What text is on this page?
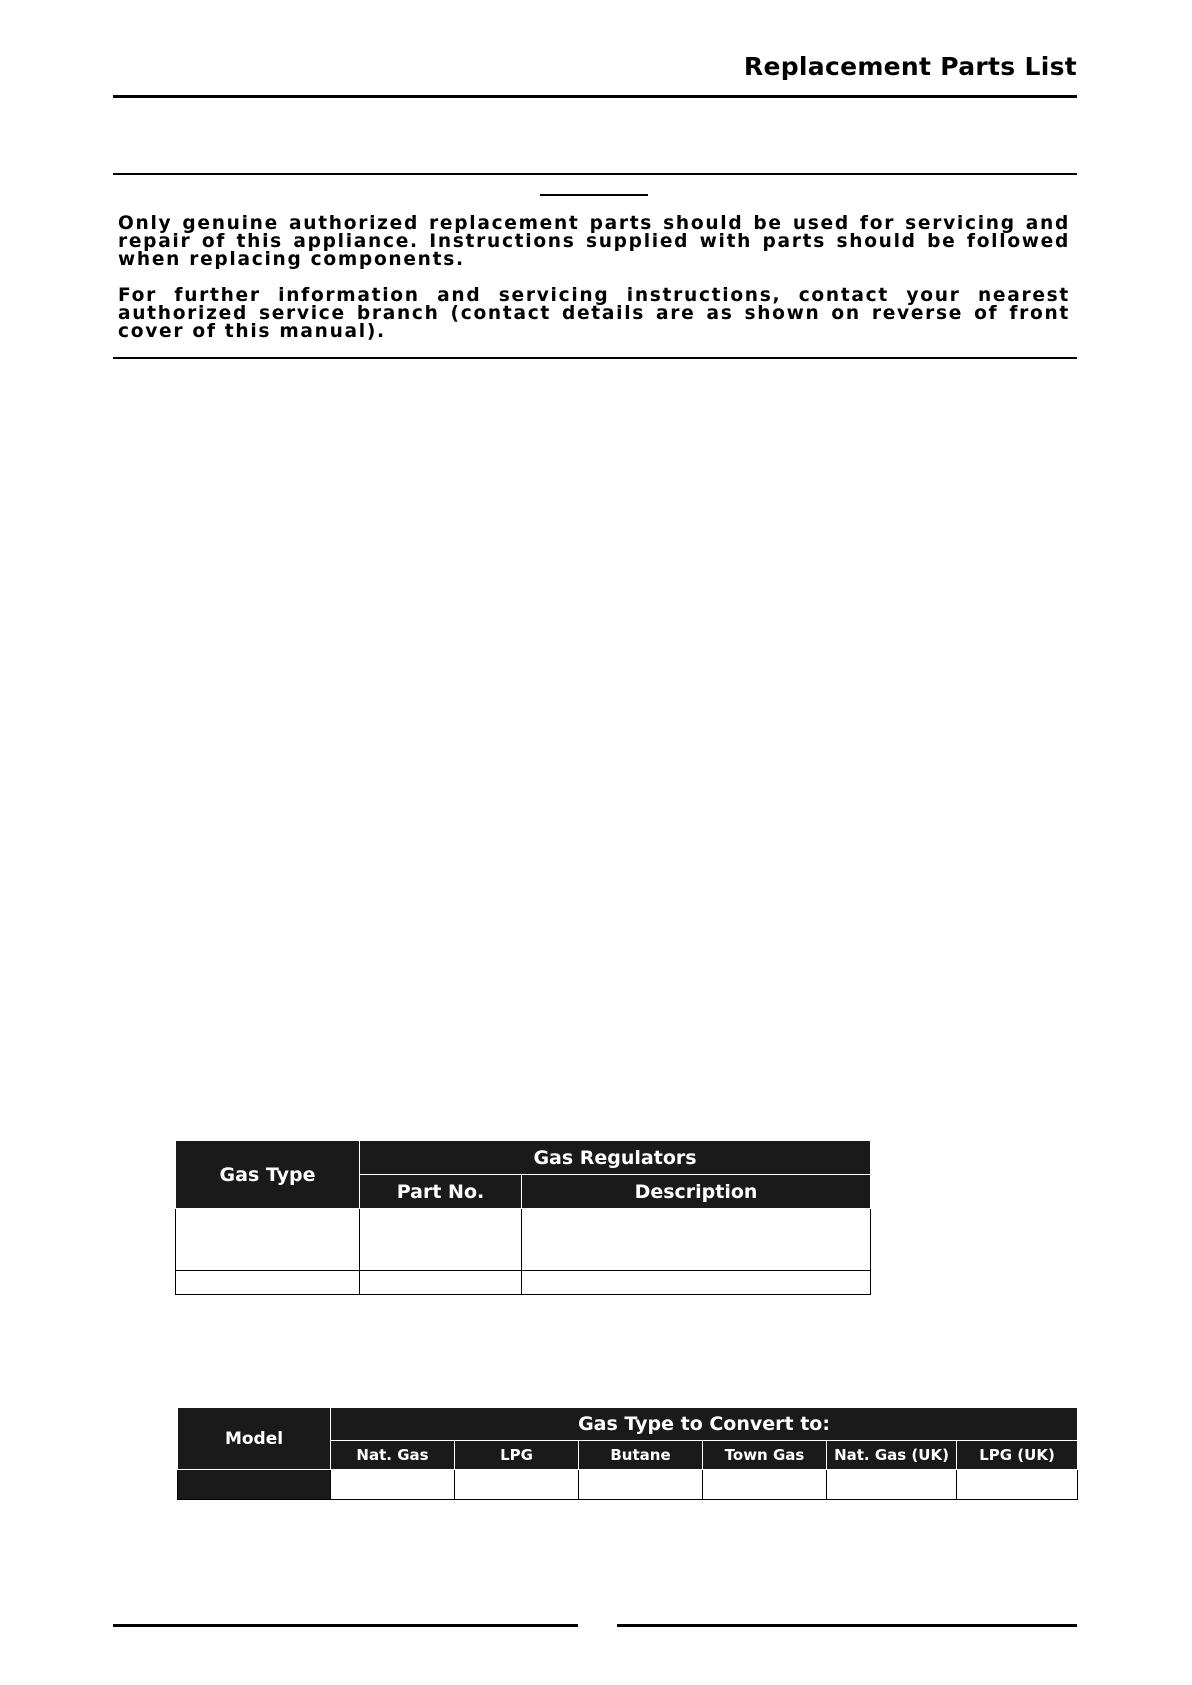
Replacement Parts List

Only genuine authorized replacement parts should be used for servicing and repair of this appliance. Instructions supplied with parts should be followed when replacing components.

For further information and servicing instructions, contact your nearest authorized service branch (contact details are as shown on reverse of front cover of this manual).

Gas Type	Gas Regulators	
	Part No.	Description

Model	Gas Type to Convert to:					
	Nat. Gas	LPG	Butane	Town Gas	Nat. Gas (UK)	LPG (UK)
